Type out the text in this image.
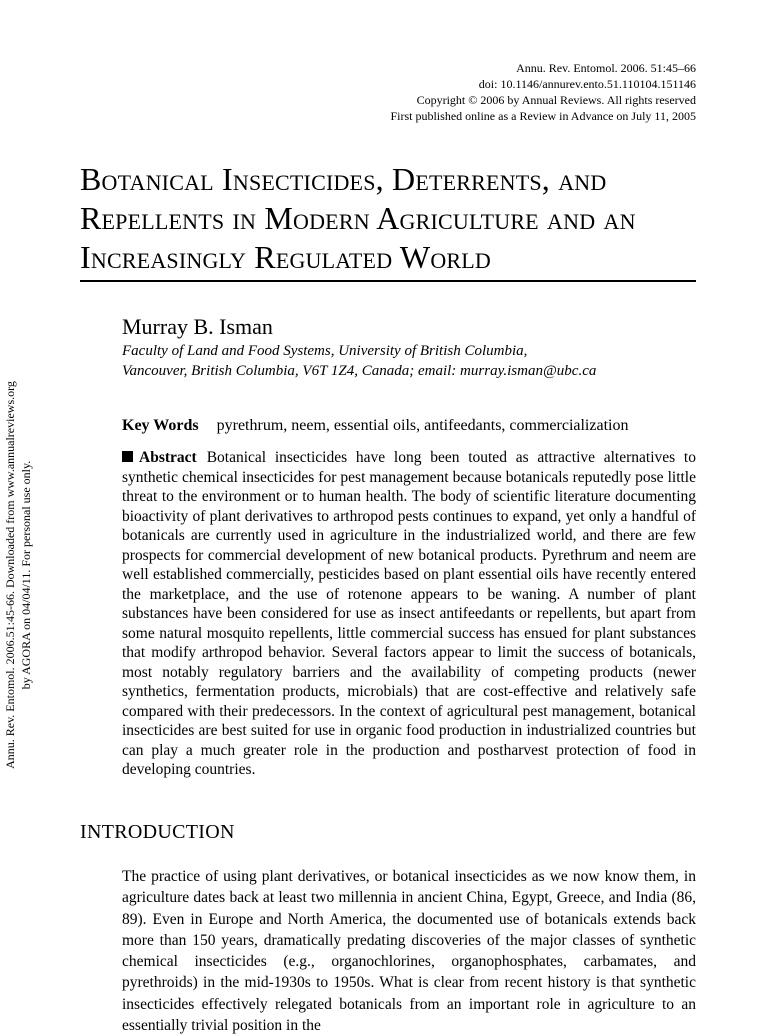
Annu. Rev. Entomol. 2006. 51:45–66
doi: 10.1146/annurev.ento.51.110104.151146
Copyright © 2006 by Annual Reviews. All rights reserved
First published online as a Review in Advance on July 11, 2005
Botanical Insecticides, Deterrents, and Repellents in Modern Agriculture and an Increasingly Regulated World
Murray B. Isman
Faculty of Land and Food Systems, University of British Columbia,
Vancouver, British Columbia, V6T 1Z4, Canada; email: murray.isman@ubc.ca
Key Words pyrethrum, neem, essential oils, antifeedants, commercialization

Abstract Botanical insecticides have long been touted as attractive alternatives to synthetic chemical insecticides for pest management because botanicals reputedly pose little threat to the environment or to human health. The body of scientific literature documenting bioactivity of plant derivatives to arthropod pests continues to expand, yet only a handful of botanicals are currently used in agriculture in the industrialized world, and there are few prospects for commercial development of new botanical products. Pyrethrum and neem are well established commercially, pesticides based on plant essential oils have recently entered the marketplace, and the use of rotenone appears to be waning. A number of plant substances have been considered for use as insect antifeedants or repellents, but apart from some natural mosquito repellents, little commercial success has ensued for plant substances that modify arthropod behavior. Several factors appear to limit the success of botanicals, most notably regulatory barriers and the availability of competing products (newer synthetics, fermentation products, microbials) that are cost-effective and relatively safe compared with their predecessors. In the context of agricultural pest management, botanical insecticides are best suited for use in organic food production in industrialized countries but can play a much greater role in the production and postharvest protection of food in developing countries.

INTRODUCTION

The practice of using plant derivatives, or botanical insecticides as we now know them, in agriculture dates back at least two millennia in ancient China, Egypt, Greece, and India (86, 89). Even in Europe and North America, the documented use of botanicals extends back more than 150 years, dramatically predating discoveries of the major classes of synthetic chemical insecticides (e.g., organochlorines, organophosphates, carbamates, and pyrethroids) in the mid-1930s to 1950s. What is clear from recent history is that synthetic insecticides effectively relegated botanicals from an important role in agriculture to an essentially trivial position in the

Annu. Rev. Entomol. 2006.51:45-66. Downloaded from www.annualreviews.org by AGORA on 04/04/11. For personal use only.
